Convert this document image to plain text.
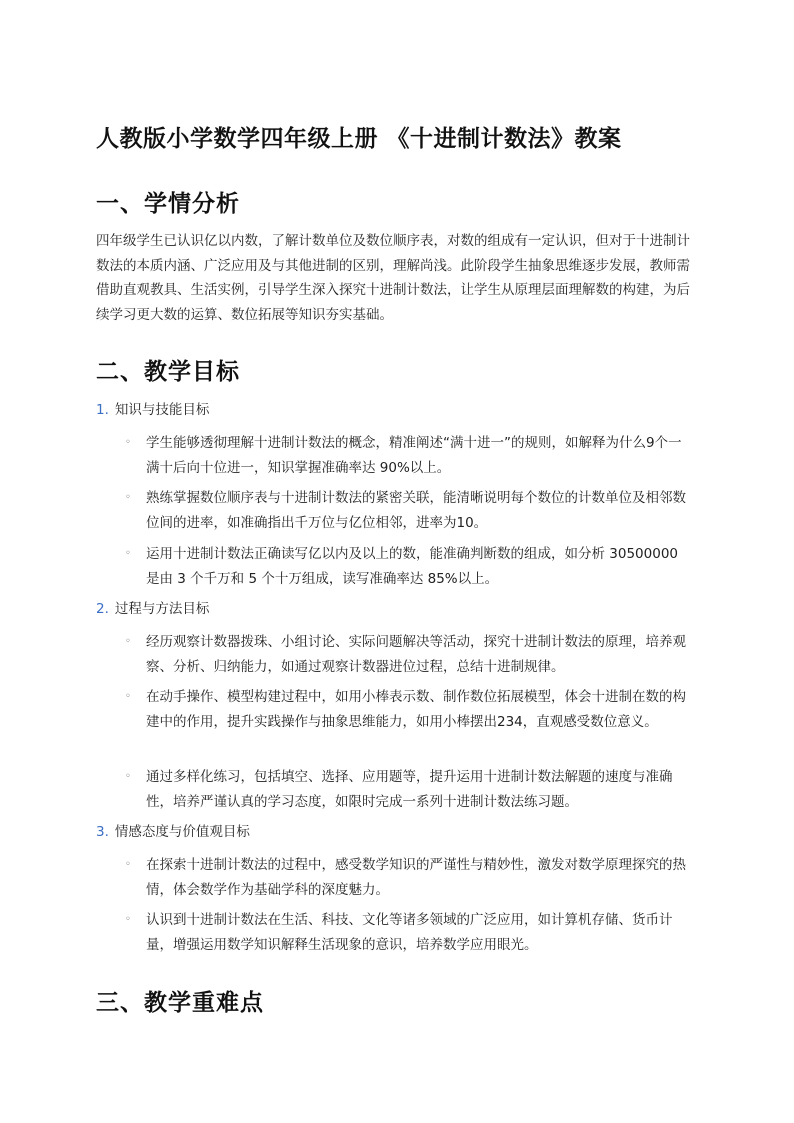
人教版小学数学四年级上册 《十进制计数法》教案
一、学情分析

四年级学生已认识亿以内数，了解计数单位及数位顺序表，对数的组成有一定认识，但对于十进制计数法的本质内涵、广泛应用及与其他进制的区别，理解尚浅。此阶段学生抽象思维逐步发展，教师需借助直观教具、生活实例，引导学生深入探究十进制计数法，让学生从原理层面理解数的构建，为后续学习更大数的运算、数位拓展等知识夯实基础。

二、教学目标
1. 知识与技能目标
◦ 学生能够透彻理解十进制计数法的概念，精准阐述“满十进一”的规则，如解释为什么9个一满十后向十位进一，知识掌握准确率达 90%以上。
◦ 熟练掌握数位顺序表与十进制计数法的紧密关联，能清晰说明每个数位的计数单位及相邻数位间的进率，如准确指出千万位与亿位相邻，进率为10。
◦ 运用十进制计数法正确读写亿以内及以上的数，能准确判断数的组成，如分析 30500000 是由 3 个千万和 5 个十万组成，读写准确率达 85%以上。
2. 过程与方法目标
◦ 经历观察计数器拨珠、小组讨论、实际问题解决等活动，探究十进制计数法的原理，培养观察、分析、归纳能力，如通过观察计数器进位过程，总结十进制规律。
◦ 在动手操作、模型构建过程中，如用小棒表示数、制作数位拓展模型，体会十进制在数的构建中的作用，提升实践操作与抽象思维能力，如用小棒摆出234，直观感受数位意义。
◦ 通过多样化练习，包括填空、选择、应用题等，提升运用十进制计数法解题的速度与准确性，培养严谨认真的学习态度，如限时完成一系列十进制计数法练习题。
3. 情感态度与价值观目标
◦ 在探索十进制计数法的过程中，感受数学知识的严谨性与精妙性，激发对数学原理探究的热情，体会数学作为基础学科的深度魅力。
◦ 认识到十进制计数法在生活、科技、文化等诸多领域的广泛应用，如计算机存储、货币计量，增强运用数学知识解释生活现象的意识，培养数学应用眼光。
三、教学重难点
